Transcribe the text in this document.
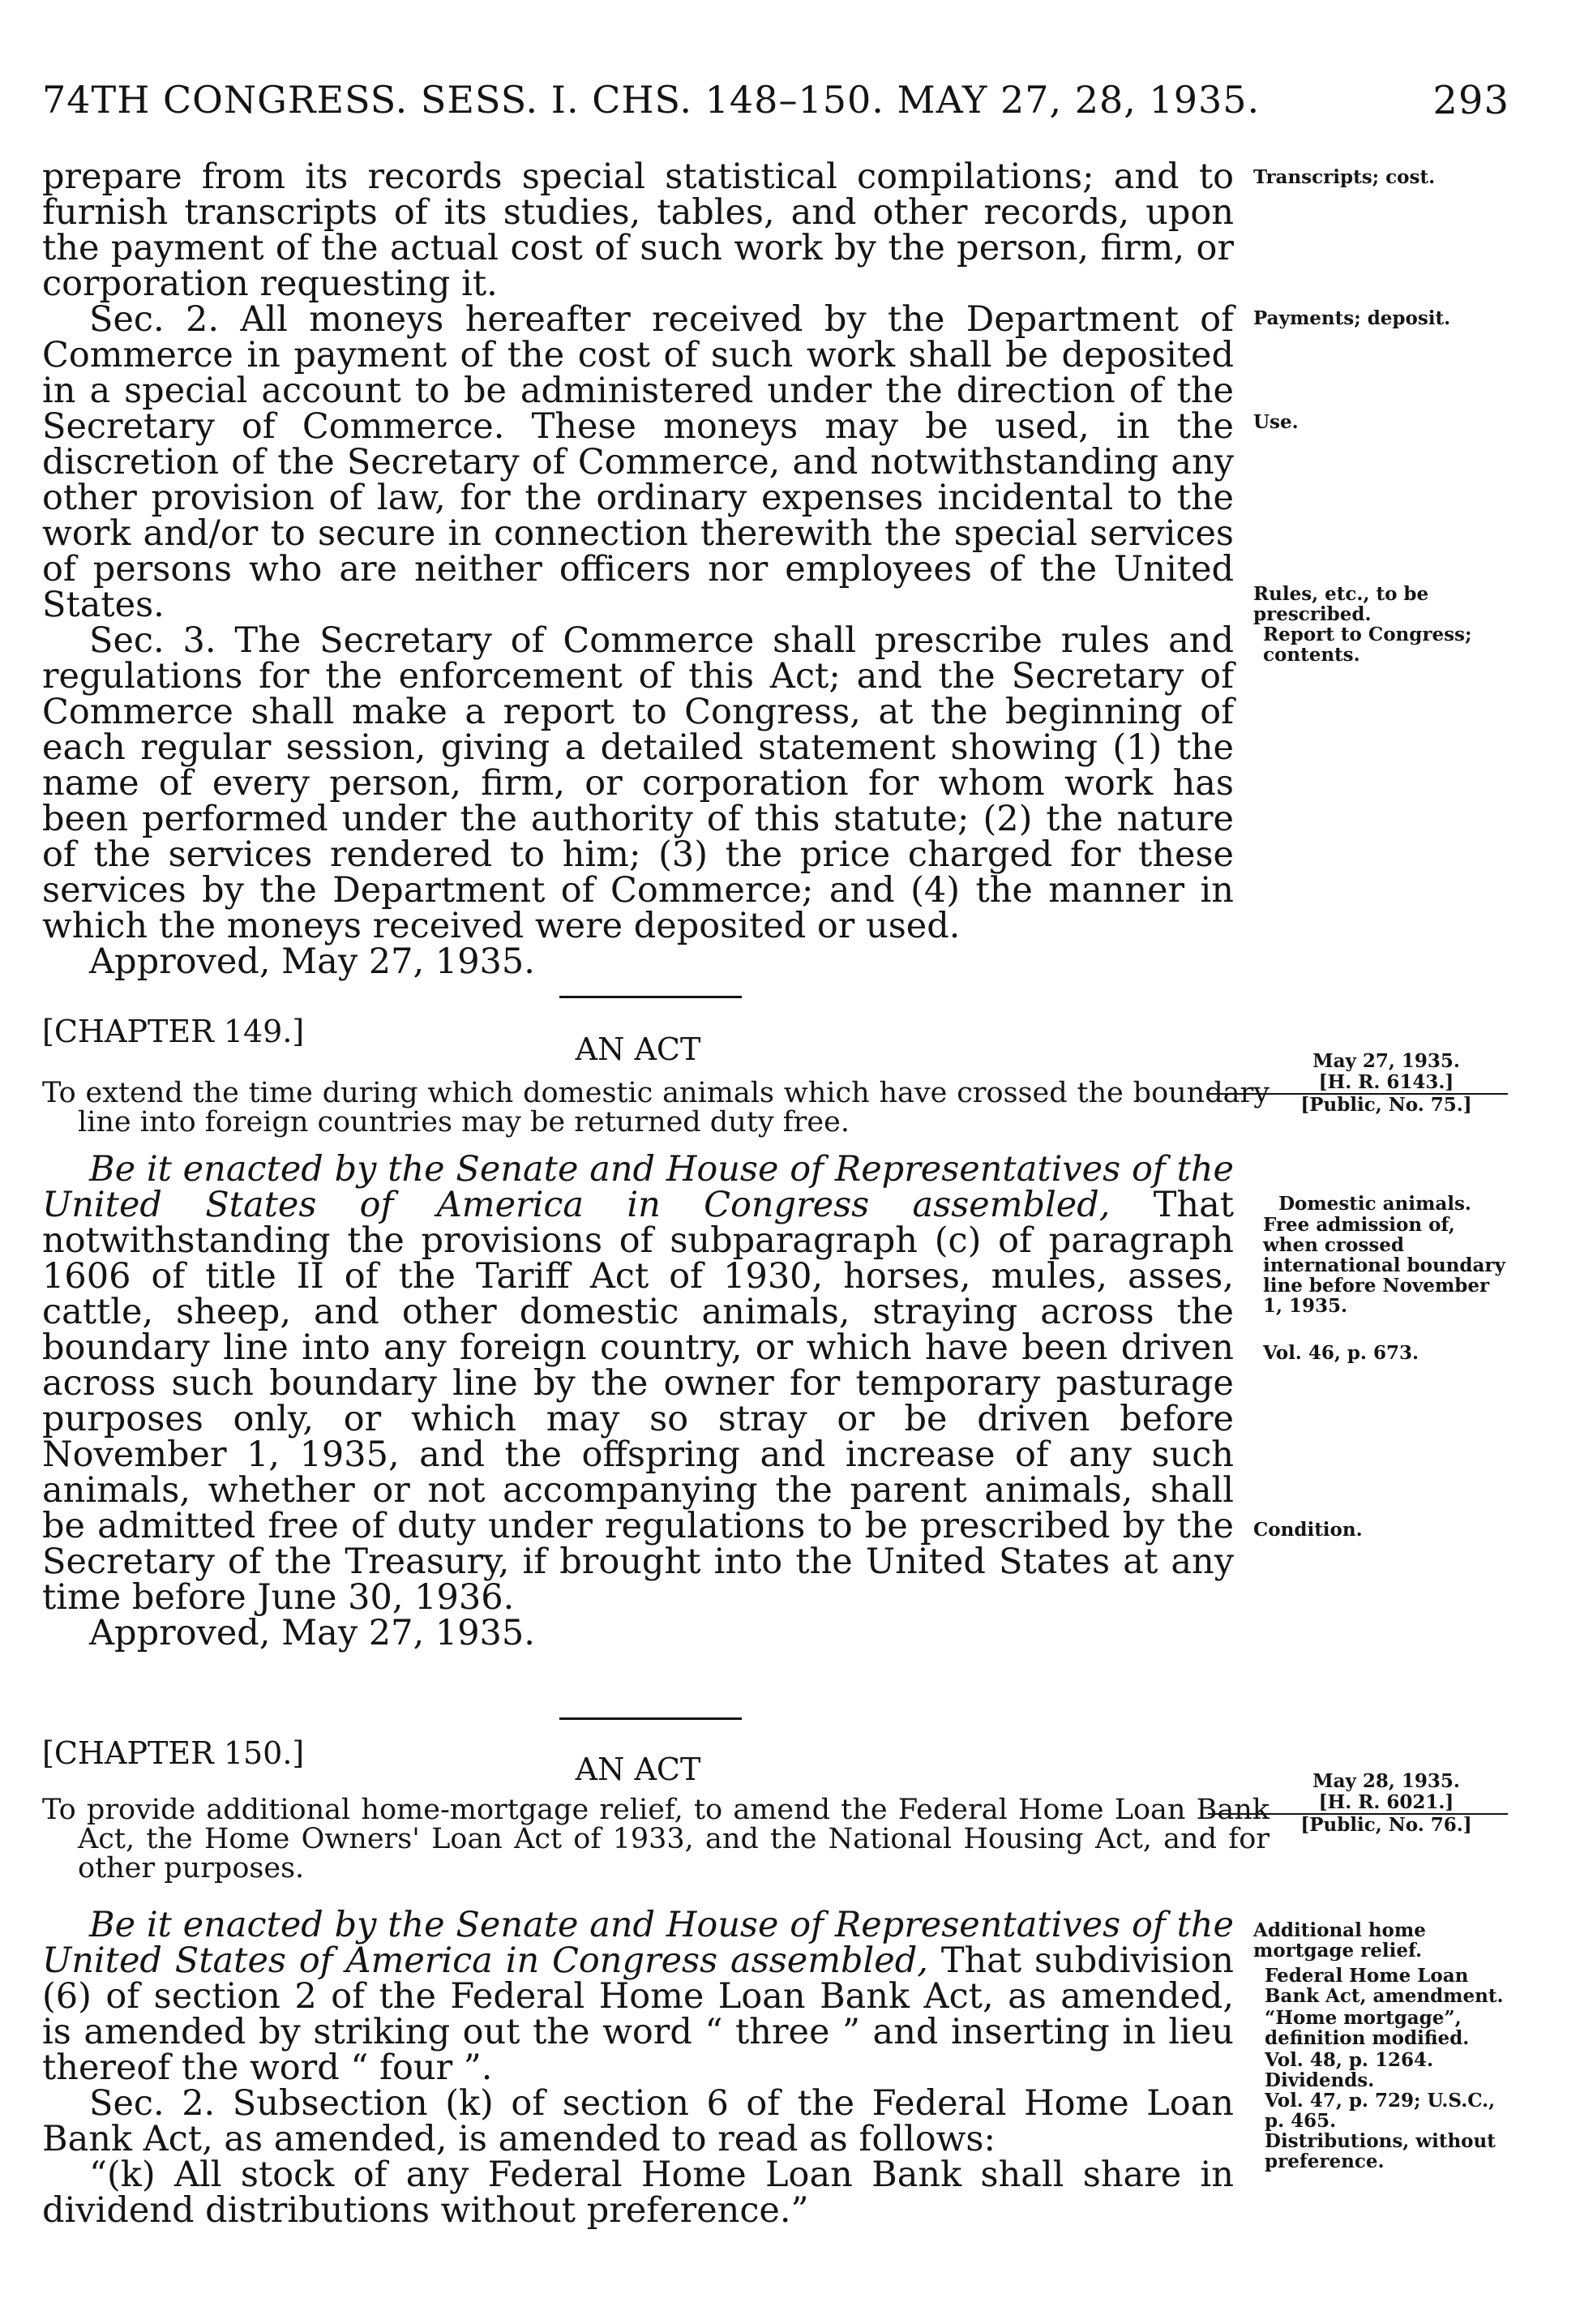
74TH CONGRESS. SESS. I. CHS. 148–150. MAY 27, 28, 1935.	293

prepare from its records special statistical compilations; and to furnish transcripts of its studies, tables, and other records, upon the payment of the actual cost of such work by the person, firm, or corporation requesting it.

Sec. 2. All moneys hereafter received by the Department of Commerce in payment of the cost of such work shall be deposited in a special account to be administered under the direction of the Secretary of Commerce. These moneys may be used, in the discretion of the Secretary of Commerce, and notwithstanding any other provision of law, for the ordinary expenses incidental to the work and/or to secure in connection therewith the special services of persons who are neither officers nor employees of the United States.

Sec. 3. The Secretary of Commerce shall prescribe rules and regulations for the enforcement of this Act; and the Secretary of Commerce shall make a report to Congress, at the beginning of each regular session, giving a detailed statement showing (1) the name of every person, firm, or corporation for whom work has been performed under the authority of this statute; (2) the nature of the services rendered to him; (3) the price charged for these services by the Department of Commerce; and (4) the manner in which the moneys received were deposited or used.

Approved, May 27, 1935.

Transcripts; cost.
Payments; deposit.
Use.
Rules, etc., to be prescribed.
Report to Congress; contents.
[CHAPTER 149.]	AN ACT
To extend the time during which domestic animals which have crossed the boundary line into foreign countries may be returned duty free.
May 27, 1935.
[H. R. 6143.]
[Public, No. 75.]

Be it enacted by the Senate and House of Representatives of the United States of America in Congress assembled, That notwithstanding the provisions of subparagraph (c) of paragraph 1606 of title II of the Tariff Act of 1930, horses, mules, asses, cattle, sheep, and other domestic animals, straying across the boundary line into any foreign country, or which have been driven across such boundary line by the owner for temporary pasturage purposes only, or which may so stray or be driven before November 1, 1935, and the offspring and increase of any such animals, whether or not accompanying the parent animals, shall be admitted free of duty under regulations to be prescribed by the Secretary of the Treasury, if brought into the United States at any time before June 30, 1936.

Approved, May 27, 1935.

Domestic animals.
Free admission of, when crossed international boundary line before November 1, 1935.
Vol. 46, p. 673.
Condition.
[CHAPTER 150.]	AN ACT
To provide additional home-mortgage relief, to amend the Federal Home Loan Bank Act, the Home Owners' Loan Act of 1933, and the National Housing Act, and for other purposes.
May 28, 1935.
[H. R. 6021.]
[Public, No. 76.]

Be it enacted by the Senate and House of Representatives of the United States of America in Congress assembled, That subdivision (6) of section 2 of the Federal Home Loan Bank Act, as amended, is amended by striking out the word “ three ” and inserting in lieu thereof the word “ four ”.

Sec. 2. Subsection (k) of section 6 of the Federal Home Loan Bank Act, as amended, is amended to read as follows:

“(k) All stock of any Federal Home Loan Bank shall share in dividend distributions without preference.”

Additional home mortgage relief.
Federal Home Loan Bank Act, amendment.
“Home mortgage”, definition modified.
Vol. 48, p. 1264.
Dividends.
Vol. 47, p. 729; U.S.C., p. 465.
Distributions, without preference.
